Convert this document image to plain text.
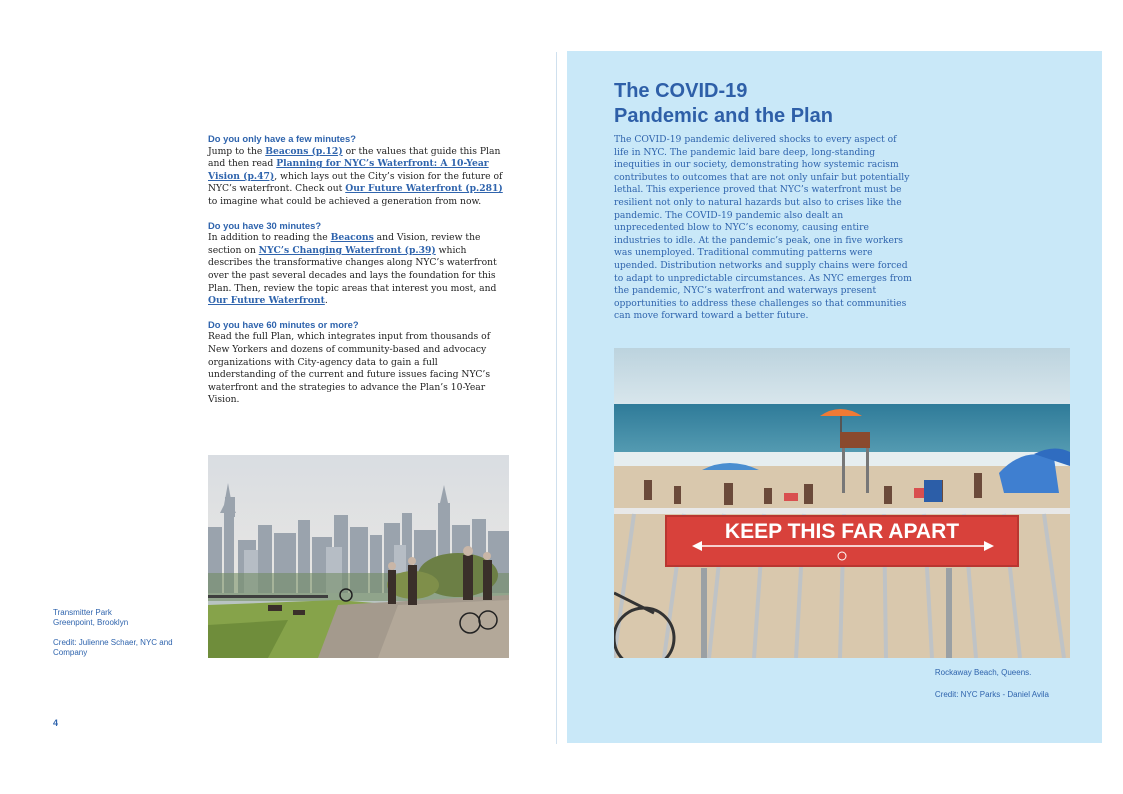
Do you only have a few minutes?

Jump to the Beacons (p.12) or the values that guide this Plan and then read Planning for NYC’s Waterfront: A 10-Year Vision (p.47), which lays out the City’s vision for the future of NYC’s waterfront. Check out Our Future Waterfront (p.281) to imagine what could be achieved a generation from now.

Do you have 30 minutes?

In addition to reading the Beacons and Vision, review the section on NYC’s Changing Waterfront (p.39) which describes the transformative changes along NYC’s waterfront over the past several decades and lays the foundation for this Plan. Then, review the topic areas that interest you most, and Our Future Waterfront.

Do you have 60 minutes or more?

Read the full Plan, which integrates input from thousands of New Yorkers and dozens of community-based and advocacy organizations with City-agency data to gain a full understanding of the current and future issues facing NYC’s waterfront and the strategies to advance the Plan’s 10-Year Vision.

Transmitter Park
Greenpoint, Brooklyn
Credit: Julienne Schaer, NYC and Company
4
The COVID-19
Pandemic and the Plan

The COVID-19 pandemic delivered shocks to every aspect of life in NYC. The pandemic laid bare deep, long-standing inequities in our society, demonstrating how systemic racism contributes to outcomes that are not only unfair but potentially lethal. This experience proved that NYC’s waterfront must be resilient not only to natural hazards but also to crises like the pandemic. The COVID-19 pandemic also dealt an unprecedented blow to NYC’s economy, causing entire industries to idle. At the pandemic’s peak, one in five workers was unemployed. Traditional commuting patterns were upended. Distribution networks and supply chains were forced to adapt to unpredictable circumstances. As NYC emerges from the pandemic, NYC’s waterfront and waterways present opportunities to address these challenges so that communities can move forward toward a better future.

KEEP THIS FAR APART
Rockaway Beach, Queens.
Credit: NYC Parks - Daniel Avila
